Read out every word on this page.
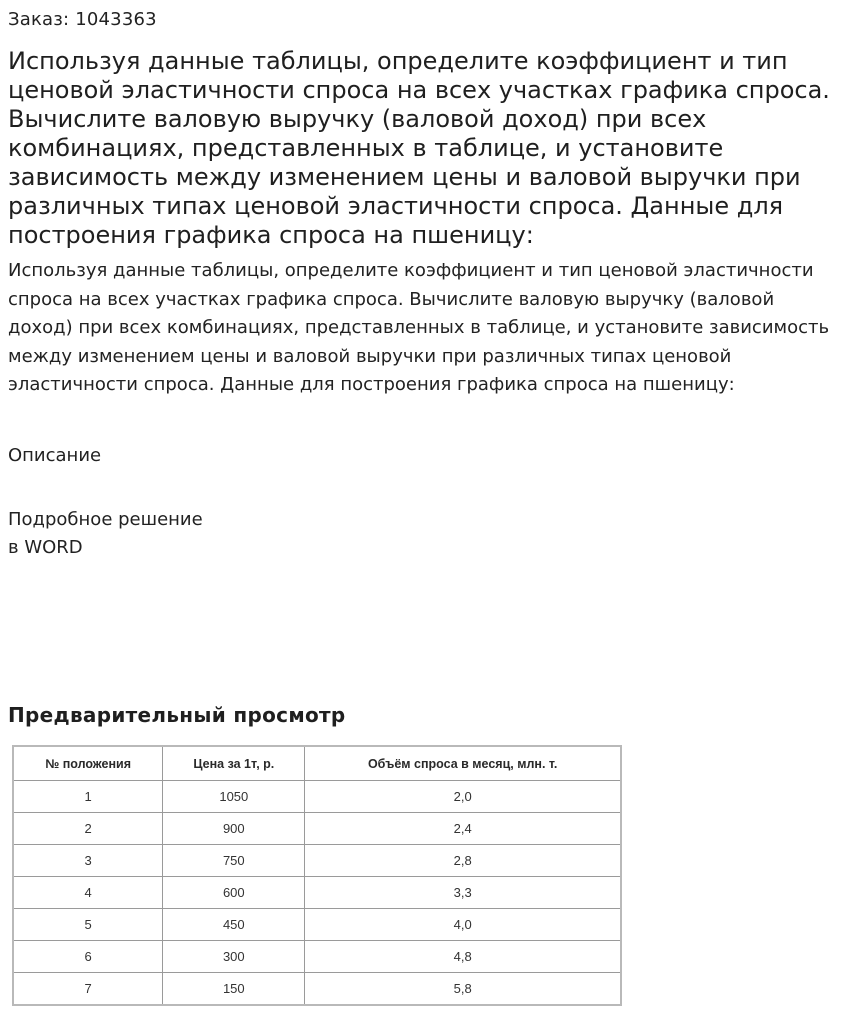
Заказ: 1043363
Используя данные таблицы, определите коэффициент и тип ценовой эластичности спроса на всех участках графика спроса. Вычислите валовую выручку (валовой доход) при всех комбинациях, представленных в таблице, и установите зависимость между изменением цены и валовой выручки при различных типах ценовой эластичности спроса. Данные для построения графика спроса на пшеницу:

Используя данные таблицы, определите коэффициент и тип ценовой эластичности спроса на всех участках графика спроса. Вычислите валовую выручку (валовой доход) при всех комбинациях, представленных в таблице, и установите зависимость между изменением цены и валовой выручки при различных типах ценовой эластичности спроса. Данные для построения графика спроса на пшеницу:

Описание
Подробное решение
в WORD
Предварительный просмотр
№ положения	Цена за 1т, р.	Объём спроса в месяц, млн. т.
1	1050	2,0
2	900	2,4
3	750	2,8
4	600	3,3
5	450	4,0
6	300	4,8
7	150	5,8
